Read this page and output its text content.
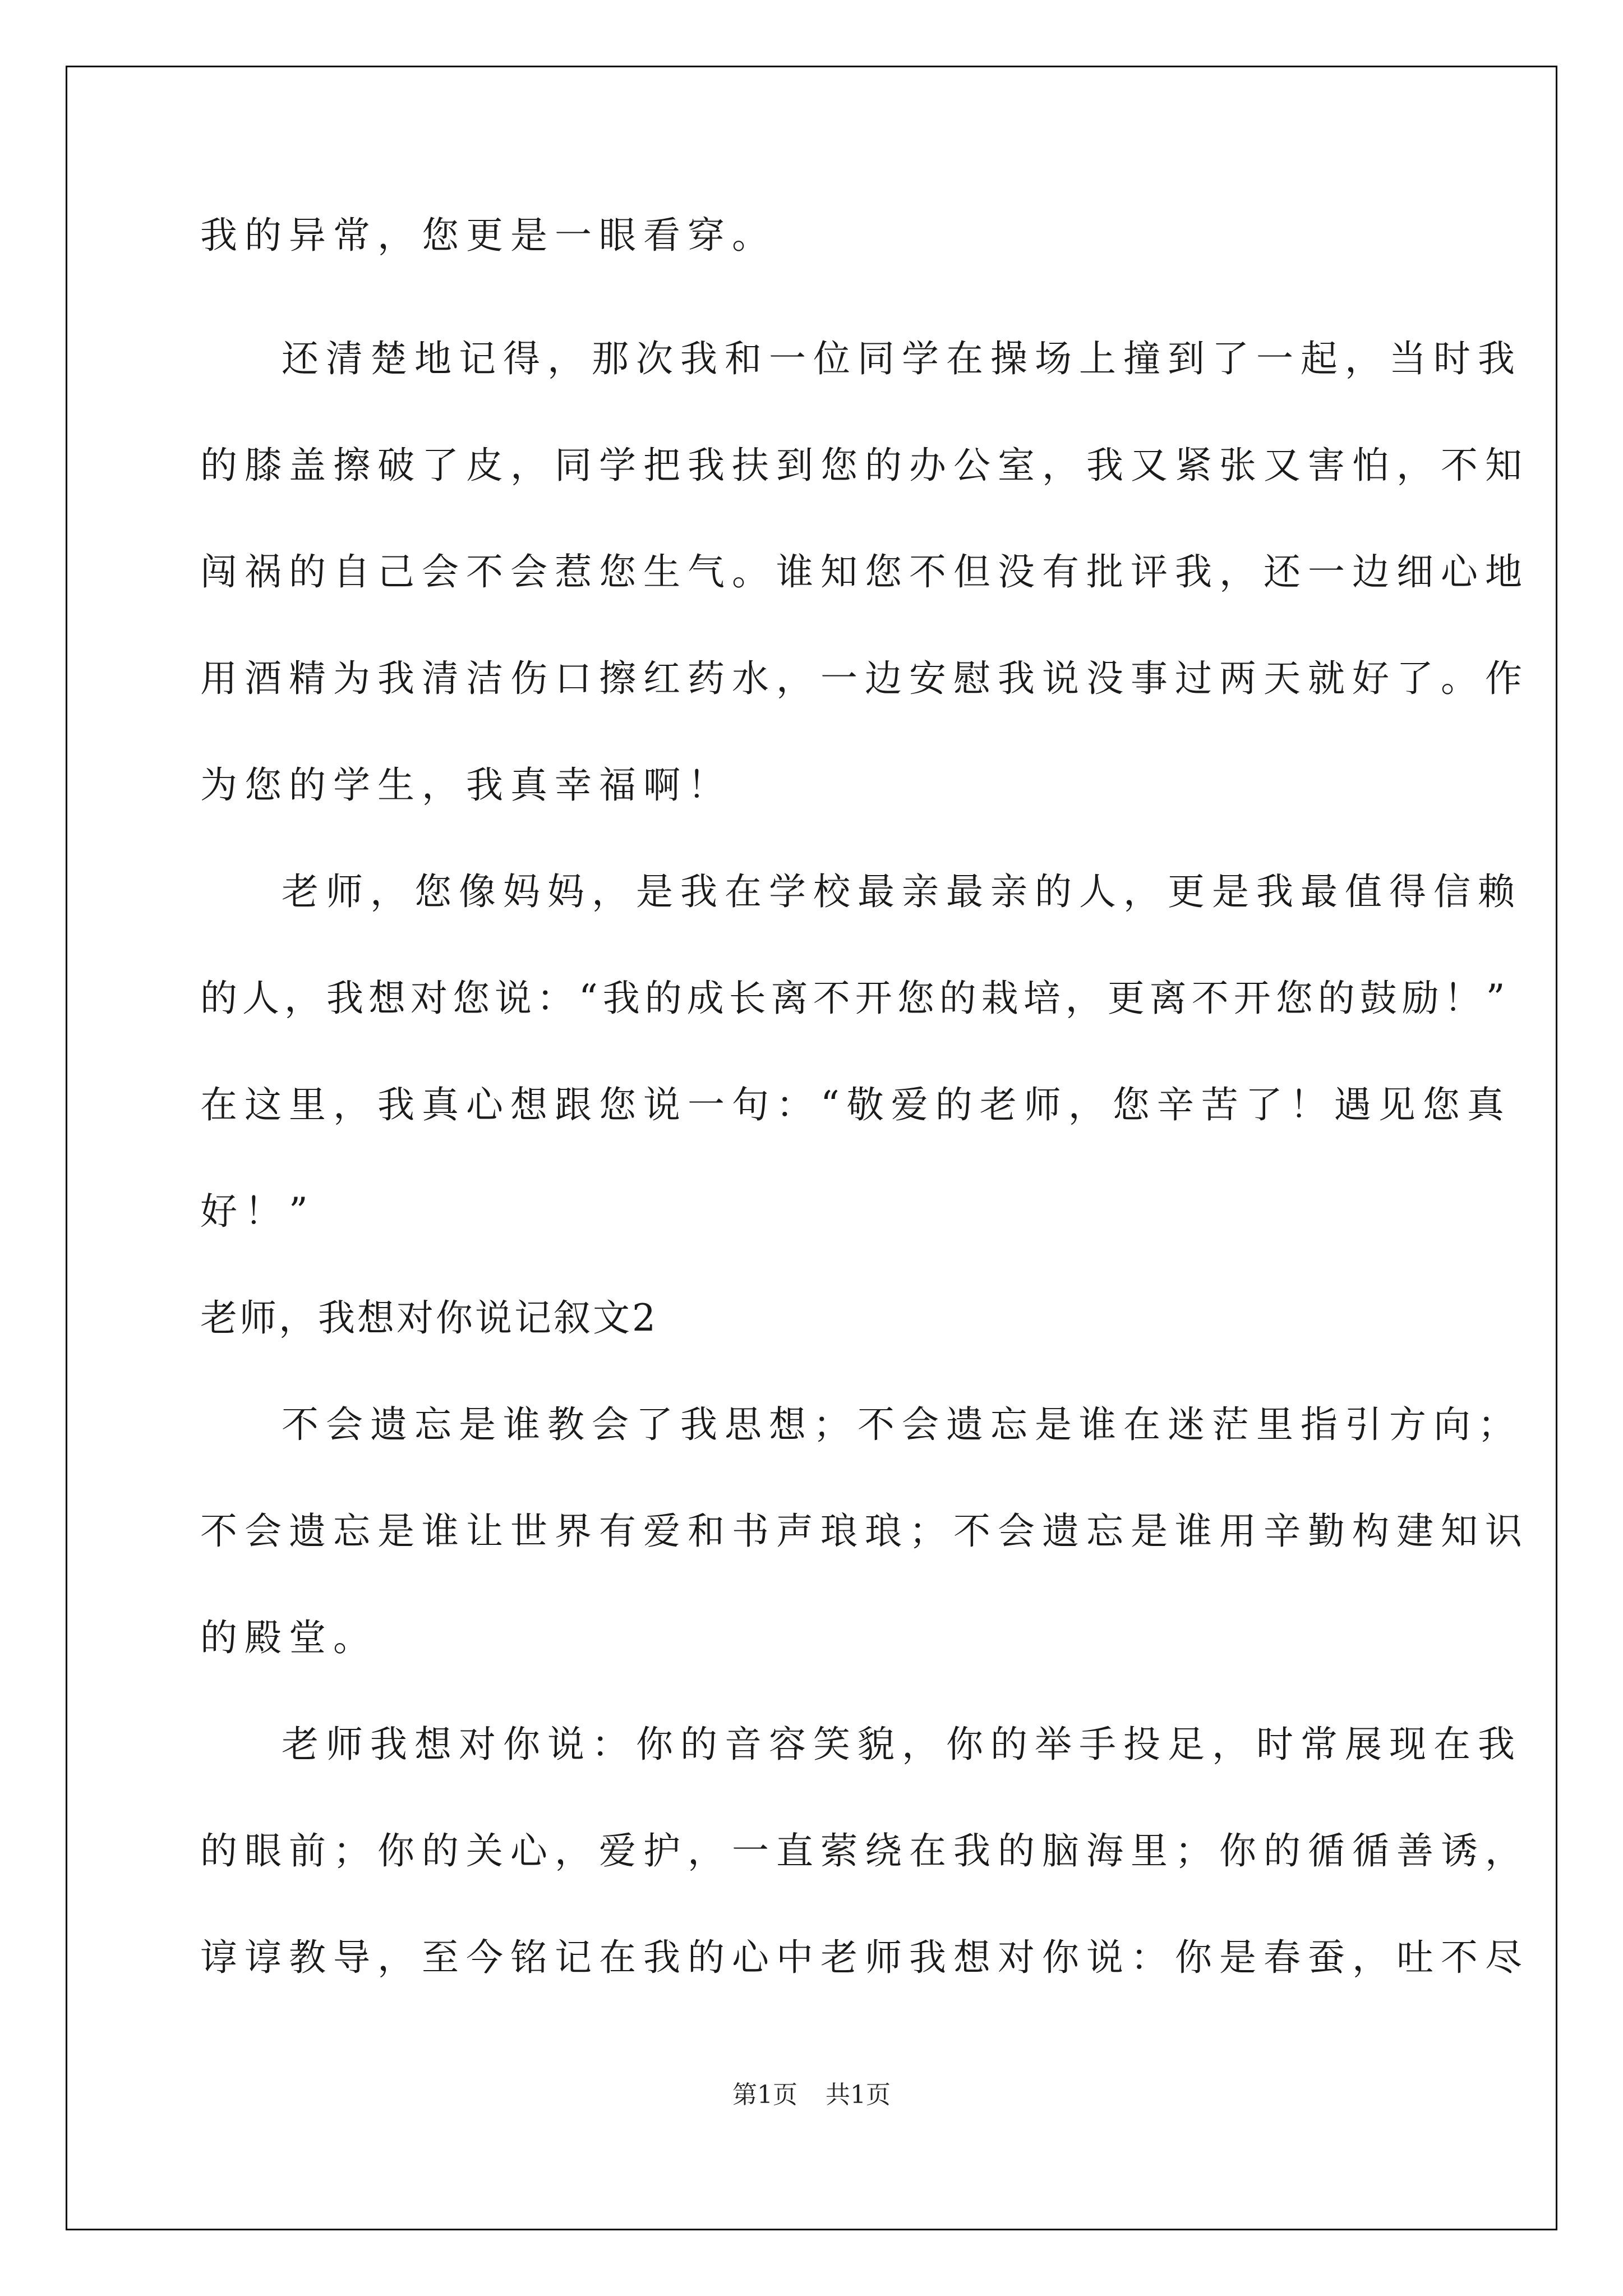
我的异常，您更是一眼看穿。
还清楚地记得，那次我和一位同学在操场上撞到了一起，当时我
的膝盖擦破了皮，同学把我扶到您的办公室，我又紧张又害怕，不知
闯祸的自己会不会惹您生气。谁知您不但没有批评我，还一边细心地
用酒精为我清洁伤口擦红药水，一边安慰我说没事过两天就好了。作
为您的学生，我真幸福啊！
老师，您像妈妈，是我在学校最亲最亲的人，更是我最值得信赖
的人，我想对您说：“我的成长离不开您的栽培，更离不开您的鼓励！”
在这里，我真心想跟您说一句：“敬爱的老师，您辛苦了！遇见您真
好！”
老师，我想对你说记叙文2
不会遗忘是谁教会了我思想；不会遗忘是谁在迷茫里指引方向；
不会遗忘是谁让世界有爱和书声琅琅；不会遗忘是谁用辛勤构建知识
的殿堂。
老师我想对你说：你的音容笑貌，你的举手投足，时常展现在我
的眼前；你的关心，爱护，一直萦绕在我的脑海里；你的循循善诱，
谆谆教导，至今铭记在我的心中老师我想对你说：你是春蚕，吐不尽
第1页 共1页
